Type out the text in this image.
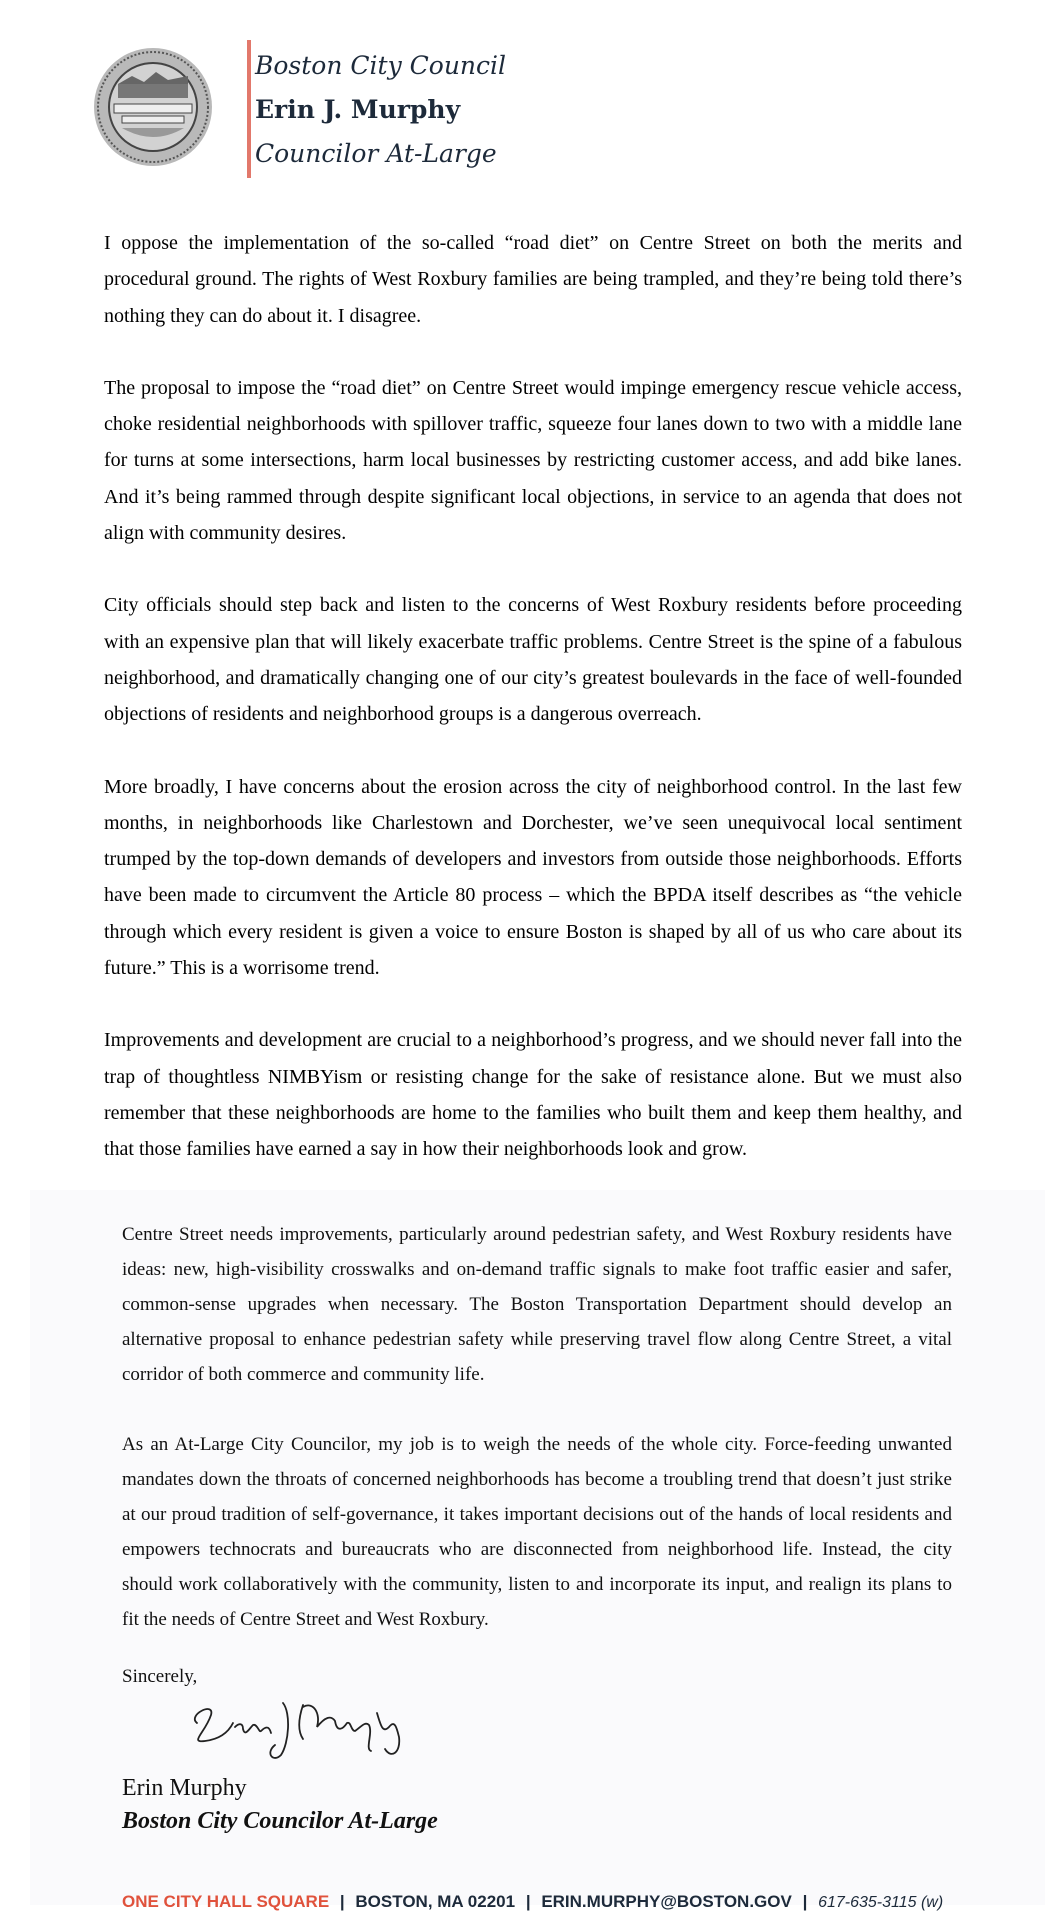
Boston City Council
Erin J. Murphy
Councilor At-Large

I oppose the implementation of the so-called “road diet” on Centre Street on both the merits and procedural ground. The rights of West Roxbury families are being trampled, and they’re being told there’s nothing they can do about it. I disagree.

The proposal to impose the “road diet” on Centre Street would impinge emergency rescue vehicle access, choke residential neighborhoods with spillover traffic, squeeze four lanes down to two with a middle lane for turns at some intersections, harm local businesses by restricting customer access, and add bike lanes. And it’s being rammed through despite significant local objections, in service to an agenda that does not align with community desires.

City officials should step back and listen to the concerns of West Roxbury residents before proceeding with an expensive plan that will likely exacerbate traffic problems. Centre Street is the spine of a fabulous neighborhood, and dramatically changing one of our city’s greatest boulevards in the face of well-founded objections of residents and neighborhood groups is a dangerous overreach.

More broadly, I have concerns about the erosion across the city of neighborhood control. In the last few months, in neighborhoods like Charlestown and Dorchester, we’ve seen unequivocal local sentiment trumped by the top-down demands of developers and investors from outside those neighborhoods. Efforts have been made to circumvent the Article 80 process – which the BPDA itself describes as “the vehicle through which every resident is given a voice to ensure Boston is shaped by all of us who care about its future.” This is a worrisome trend.

Improvements and development are crucial to a neighborhood’s progress, and we should never fall into the trap of thoughtless NIMBYism or resisting change for the sake of resistance alone. But we must also remember that these neighborhoods are home to the families who built them and keep them healthy, and that those families have earned a say in how their neighborhoods look and grow.

Centre Street needs improvements, particularly around pedestrian safety, and West Roxbury residents have ideas: new, high-visibility crosswalks and on-demand traffic signals to make foot traffic easier and safer, common-sense upgrades when necessary. The Boston Transportation Department should develop an alternative proposal to enhance pedestrian safety while preserving travel flow along Centre Street, a vital corridor of both commerce and community life.

As an At-Large City Councilor, my job is to weigh the needs of the whole city. Force-feeding unwanted mandates down the throats of concerned neighborhoods has become a troubling trend that doesn’t just strike at our proud tradition of self-governance, it takes important decisions out of the hands of local residents and empowers technocrats and bureaucrats who are disconnected from neighborhood life. Instead, the city should work collaboratively with the community, listen to and incorporate its input, and realign its plans to fit the needs of Centre Street and West Roxbury.

Sincerely,
Erin Murphy
Boston City Councilor At-Large
ONE CITY HALL SQUARE | BOSTON, MA 02201 | ERIN.MURPHY@BOSTON.GOV | 617-635-3115 (w)
